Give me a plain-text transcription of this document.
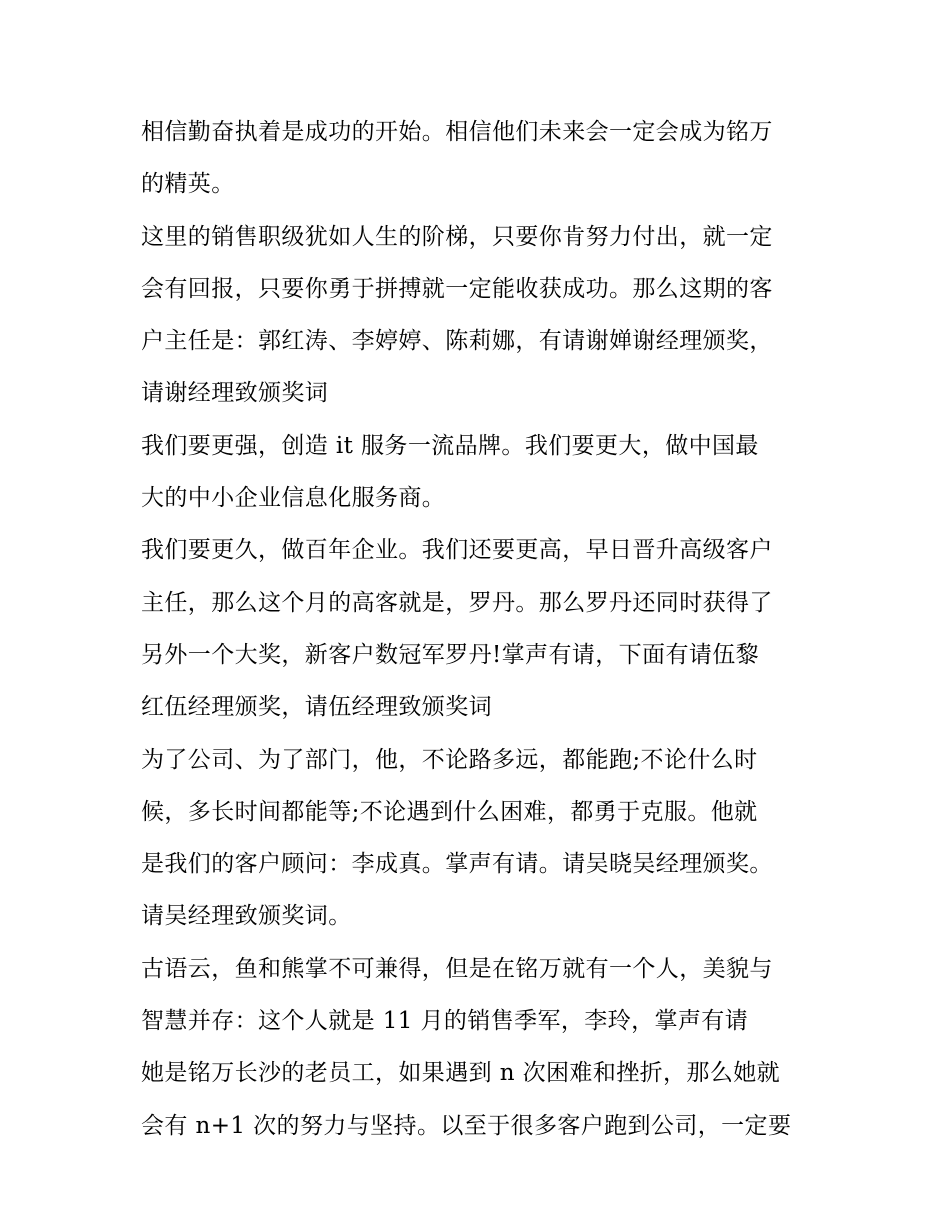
相信勤奋执着是成功的开始。相信他们未来会一定会成为铭万
的精英。
这里的销售职级犹如人生的阶梯，只要你肯努力付出，就一定
会有回报，只要你勇于拼搏就一定能收获成功。那么这期的客
户主任是：郭红涛、李婷婷、陈莉娜，有请谢婵谢经理颁奖，
请谢经理致颁奖词
我们要更强，创造 it 服务一流品牌。我们要更大，做中国最
大的中小企业信息化服务商。
我们要更久，做百年企业。我们还要更高，早日晋升高级客户
主任，那么这个月的高客就是，罗丹。那么罗丹还同时获得了
另外一个大奖，新客户数冠军罗丹!掌声有请，下面有请伍黎
红伍经理颁奖，请伍经理致颁奖词
为了公司、为了部门，他，不论路多远，都能跑;不论什么时
候，多长时间都能等;不论遇到什么困难，都勇于克服。他就
是我们的客户顾问：李成真。掌声有请。请吴晓吴经理颁奖。
请吴经理致颁奖词。
古语云，鱼和熊掌不可兼得，但是在铭万就有一个人，美貌与
智慧并存：这个人就是 11 月的销售季军，李玲，掌声有请
她是铭万长沙的老员工，如果遇到 n 次困难和挫折，那么她就
会有 n+1 次的努力与坚持。以至于很多客户跑到公司，一定要
